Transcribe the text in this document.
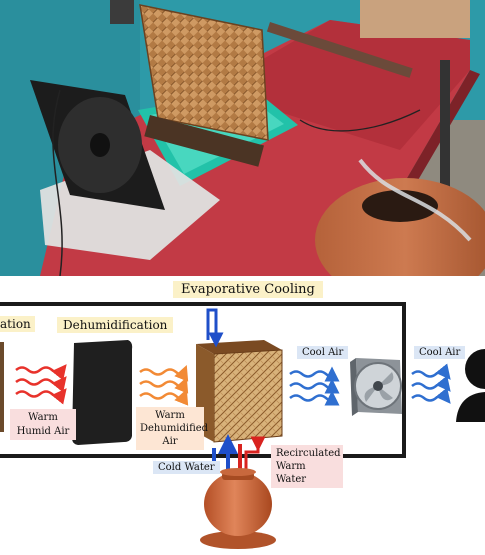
Evaporative Cooling
ation	Dehumidification
Warm Humid Air
Warm Dehumidified Air
Cool Air	Cool Air
Cold Water
Recirculated Warm Water
